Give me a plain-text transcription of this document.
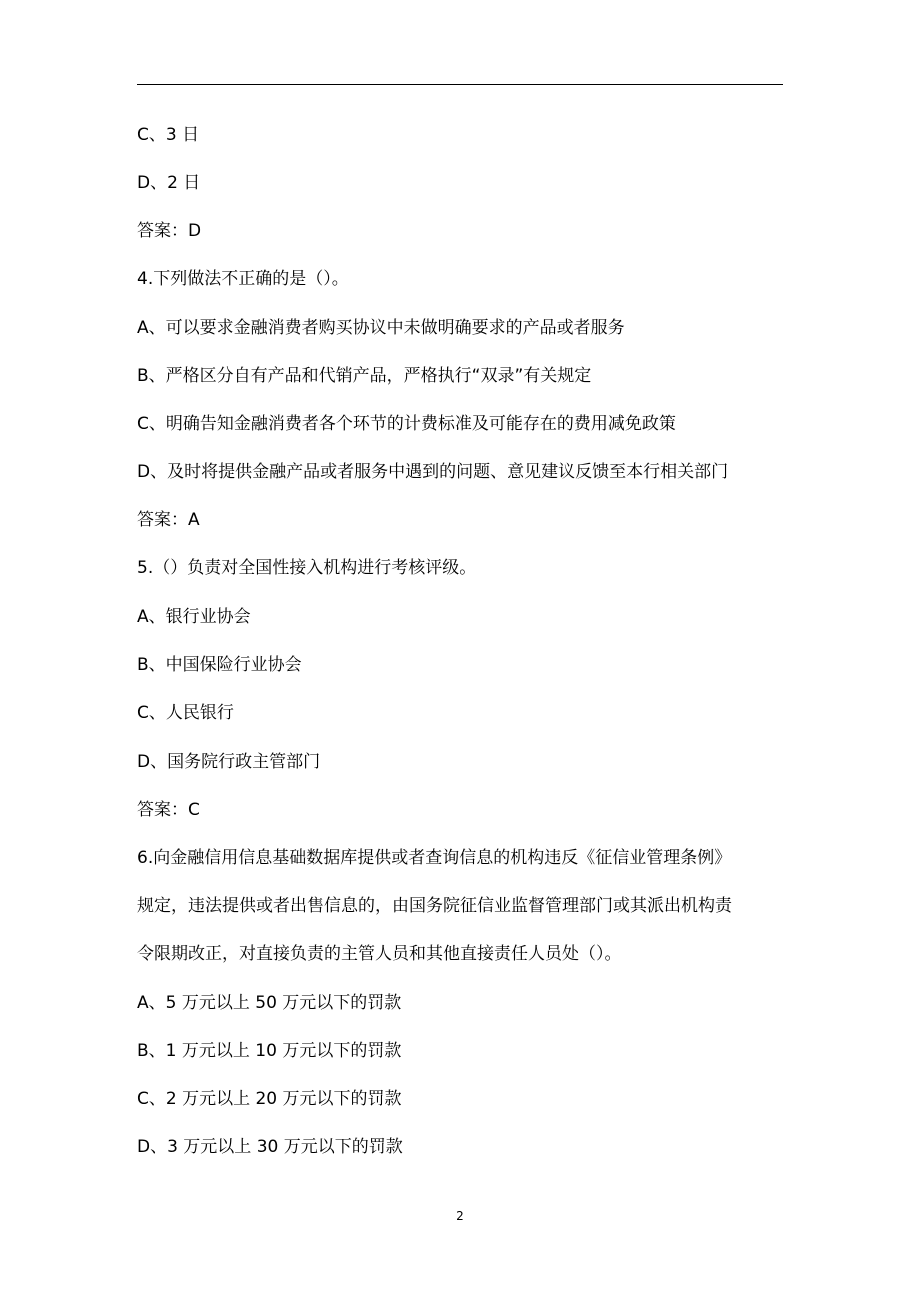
C、3 日
D、2 日
答案：D
4.下列做法不正确的是（）。
A、可以要求金融消费者购买协议中未做明确要求的产品或者服务
B、严格区分自有产品和代销产品，严格执行“双录”有关规定
C、明确告知金融消费者各个环节的计费标准及可能存在的费用减免政策
D、及时将提供金融产品或者服务中遇到的问题、意见建议反馈至本行相关部门
答案：A
5.（）负责对全国性接入机构进行考核评级。
A、银行业协会
B、中国保险行业协会
C、人民银行
D、国务院行政主管部门
答案：C
6.向金融信用信息基础数据库提供或者查询信息的机构违反《征信业管理条例》
规定，违法提供或者出售信息的，由国务院征信业监督管理部门或其派出机构责
令限期改正，对直接负责的主管人员和其他直接责任人员处（）。
A、5 万元以上 50 万元以下的罚款
B、1 万元以上 10 万元以下的罚款
C、2 万元以上 20 万元以下的罚款
D、3 万元以上 30 万元以下的罚款
2
